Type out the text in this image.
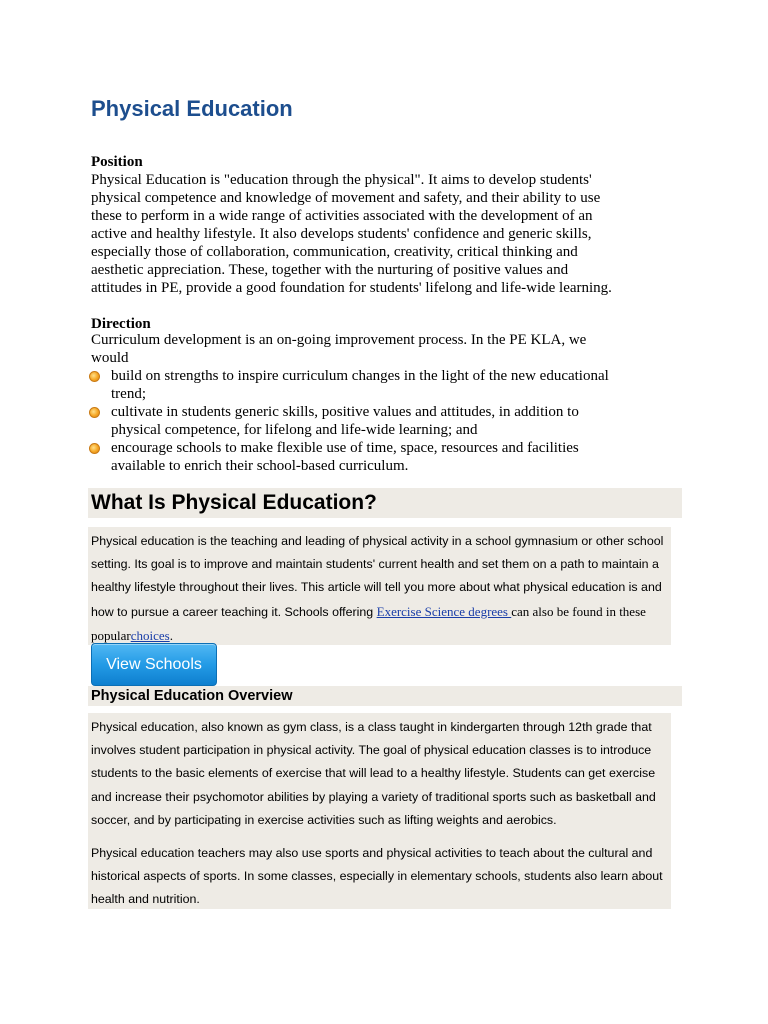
Physical Education
Position
Physical Education is "education through the physical". It aims to develop students'
physical competence and knowledge of movement and safety, and their ability to use
these to perform in a wide range of activities associated with the development of an
active and healthy lifestyle. It also develops students' confidence and generic skills,
especially those of collaboration, communication, creativity, critical thinking and
aesthetic appreciation. These, together with the nurturing of positive values and
attitudes in PE, provide a good foundation for students' lifelong and life-wide learning.
Direction
Curriculum development is an on-going improvement process. In the PE KLA, we
would
build on strengths to inspire curriculum changes in the light of the new educational
trend;
cultivate in students generic skills, positive values and attitudes, in addition to
physical competence, for lifelong and life-wide learning; and
encourage schools to make flexible use of time, space, resources and facilities
available to enrich their school-based curriculum.
What Is Physical Education?

Physical education is the teaching and leading of physical activity in a school gymnasium or other school setting. Its goal is to improve and maintain students' current health and set them on a path to maintain a healthy lifestyle throughout their lives. This article will tell you more about what physical education is and how to pursue a career teaching it. Schools offering Exercise Science degrees can also be found in these popularchoices.

View Schools
Physical Education Overview

Physical education, also known as gym class, is a class taught in kindergarten through 12th grade that involves student participation in physical activity. The goal of physical education classes is to introduce students to the basic elements of exercise that will lead to a healthy lifestyle. Students can get exercise and increase their psychomotor abilities by playing a variety of traditional sports such as basketball and soccer, and by participating in exercise activities such as lifting weights and aerobics.

Physical education teachers may also use sports and physical activities to teach about the cultural and historical aspects of sports. In some classes, especially in elementary schools, students also learn about health and nutrition.
